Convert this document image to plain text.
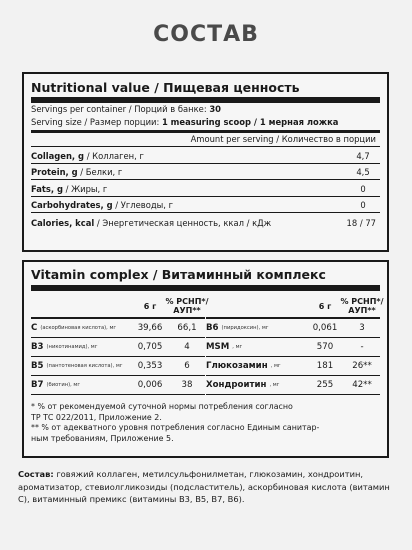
СОСТАВ
Nutritional value / Пищевая ценность
Servings per container / Порций в банке: 30
Serving size / Размер порции: 1 measuring scoop / 1 мерная ложка
Amount per serving / Количество в порции
Collagen, g / Коллаген, г	4,7
Protein, g / Белки, г	4,5
Fats, g / Жиры, г	0
Carbohydrates, g / Углеводы, г	0
Calories, kcal / Энергетическая ценность, ккал / кДж	18 / 77
Vitamin complex / Витаминный комплекс
6 г % РСНП*/
АУП**
C (аскорбиновая кислота), мг	39,66	66,1
B3 (никотинамид), мг	0,705	4
B5 (пантотеновая кислота), мг	0,353	6
B7 (биотин), мг	0,006	38
6 г % РСНП*/
АУП**
B6 (пиридоксин), мг	0,061	3
MSM , мг	570	-
Глюкозамин , мг	181	26**
Хондроитин , мг	255	42**
* % от рекомендуемой суточной нормы потребления согласно
ТР ТС 022/2011, Приложение 2.
** % от адекватного уровня потребления согласно Единым санитар-
ным требованиям, Приложение 5.
Состав: говяжий коллаген, метилсульфонилметан, глюкозамин, хондроитин, ароматизатор, стевиолгликозиды (подсластитель), аскорбиновая кислота (витамин С), витаминный премикс (витамины B3, B5, B7, B6).
